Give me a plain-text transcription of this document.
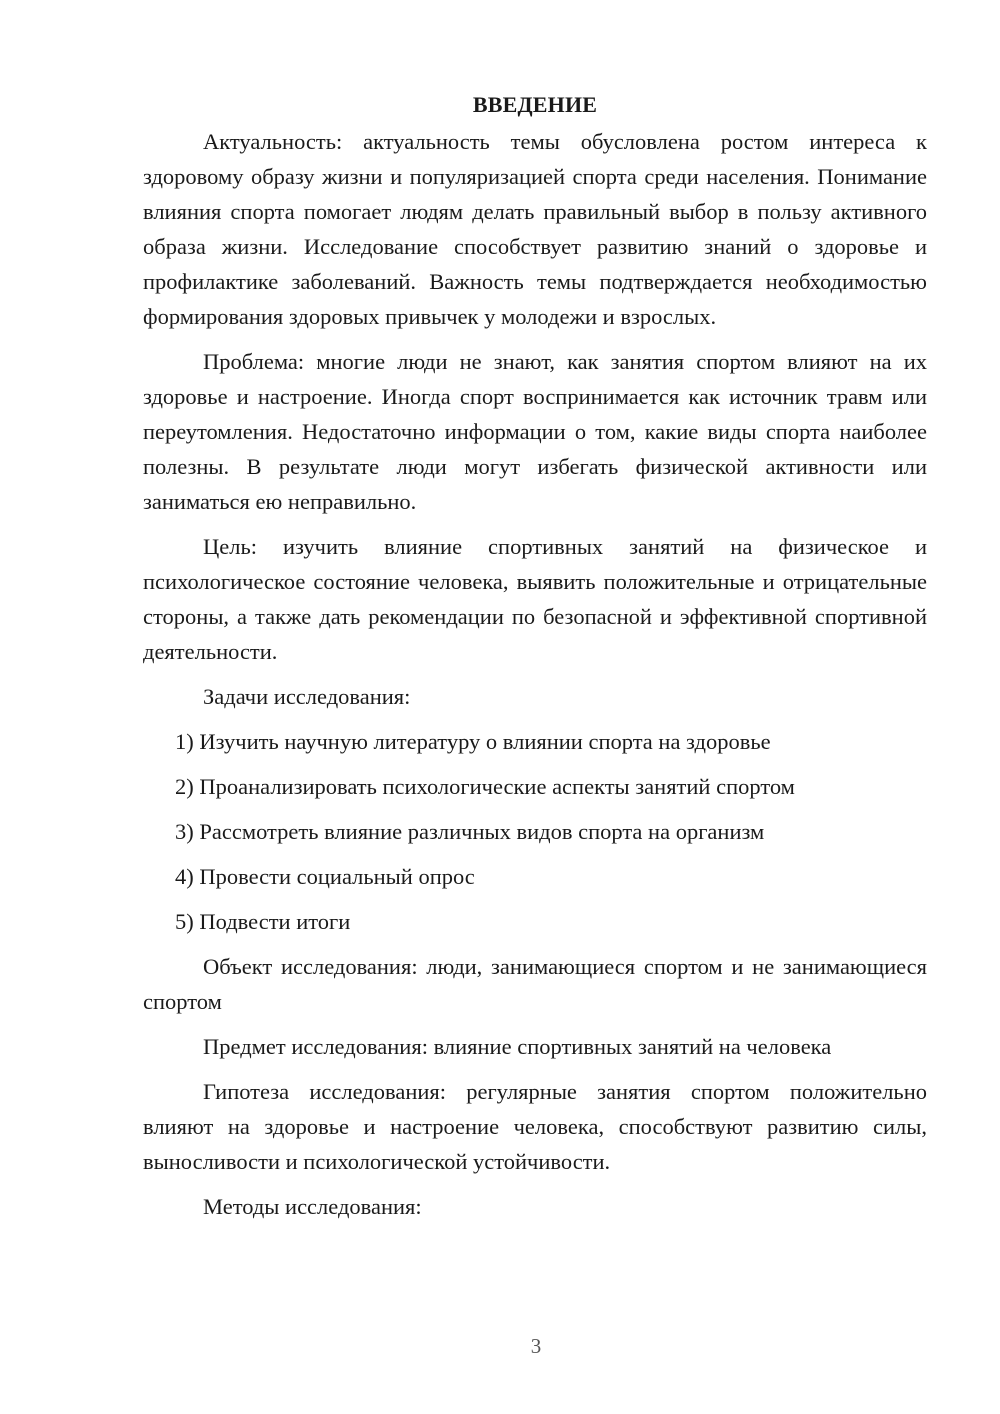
ВВЕДЕНИЕ

Актуальность: актуальность темы обусловлена ростом интереса к здоровому образу жизни и популяризацией спорта среди населения. Понимание влияния спорта помогает людям делать правильный выбор в пользу активного образа жизни. Исследование способствует развитию знаний о здоровье и профилактике заболеваний. Важность темы подтверждается необходимостью формирования здоровых привычек у молодежи и взрослых.

Проблема: многие люди не знают, как занятия спортом влияют на их здоровье и настроение. Иногда спорт воспринимается как источник травм или переутомления. Недостаточно информации о том, какие виды спорта наиболее полезны. В результате люди могут избегать физической активности или заниматься ею неправильно.

Цель: изучить влияние спортивных занятий на физическое и психологическое состояние человека, выявить положительные и отрицательные стороны, а также дать рекомендации по безопасной и эффективной спортивной деятельности.

Задачи исследования:

1) Изучить научную литературу о влиянии спорта на здоровье

2) Проанализировать психологические аспекты занятий спортом

3) Рассмотреть влияние различных видов спорта на организм

4) Провести социальный опрос

5) Подвести итоги

Объект исследования: люди, занимающиеся спортом и не занимающиеся спортом

Предмет исследования: влияние спортивных занятий на человека

Гипотеза исследования: регулярные занятия спортом положительно влияют на здоровье и настроение человека, способствуют развитию силы, выносливости и психологической устойчивости.

Методы исследования:

3
